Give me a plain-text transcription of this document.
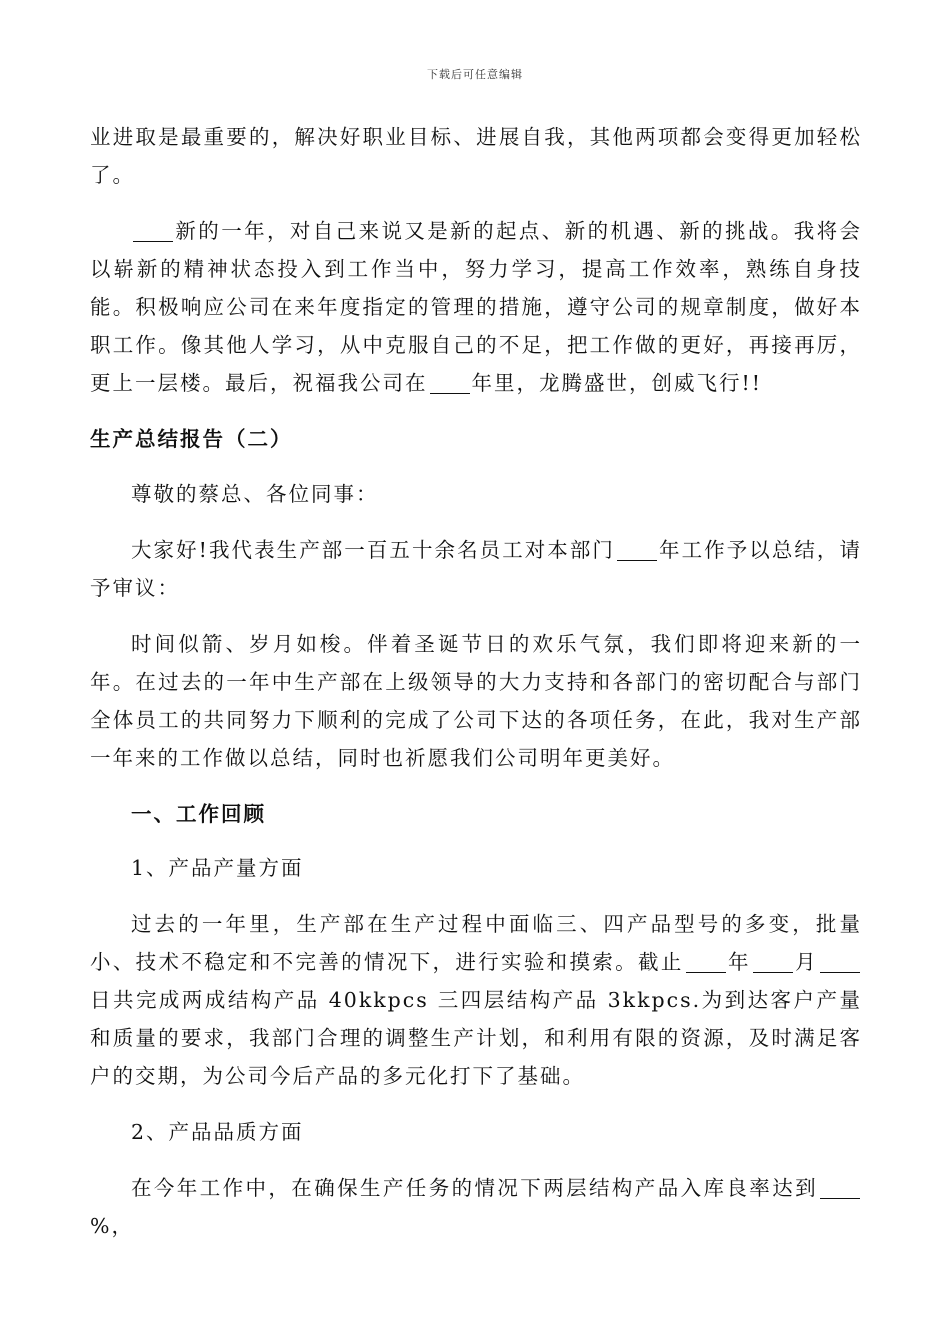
下载后可任意编辑

业进取是最重要的，解决好职业目标、进展自我，其他两项都会变得更加轻松了。

新的一年，对自己来说又是新的起点、新的机遇、新的挑战。我将会以崭新的精神状态投入到工作当中，努力学习，提高工作效率，熟练自身技能。积极响应公司在来年度指定的管理的措施，遵守公司的规章制度，做好本职工作。像其他人学习，从中克服自己的不足，把工作做的更好，再接再厉，更上一层楼。最后，祝福我公司在 年里，龙腾盛世，创威飞行!!

生产总结报告（二）

尊敬的蔡总、各位同事：

大家好!我代表生产部一百五十余名员工对本部门 年工作予以总结，请予审议：

时间似箭、岁月如梭。伴着圣诞节日的欢乐气氛，我们即将迎来新的一年。在过去的一年中生产部在上级领导的大力支持和各部门的密切配合与部门全体员工的共同努力下顺利的完成了公司下达的各项任务，在此，我对生产部一年来的工作做以总结，同时也祈愿我们公司明年更美好。

一、工作回顾

1、产品产量方面

过去的一年里，生产部在生产过程中面临三、四产品型号的多变，批量小、技术不稳定和不完善的情况下，进行实验和摸索。截止 年 月日共完成两成结构产品 40kkpcs 三四层结构产品 3kkpcs.为到达客户产量和质量的要求，我部门合理的调整生产计划，和利用有限的资源，及时满足客户的交期，为公司今后产品的多元化打下了基础。

2、产品品质方面

在今年工作中，在确保生产任务的情况下两层结构产品入库良率达到%，
